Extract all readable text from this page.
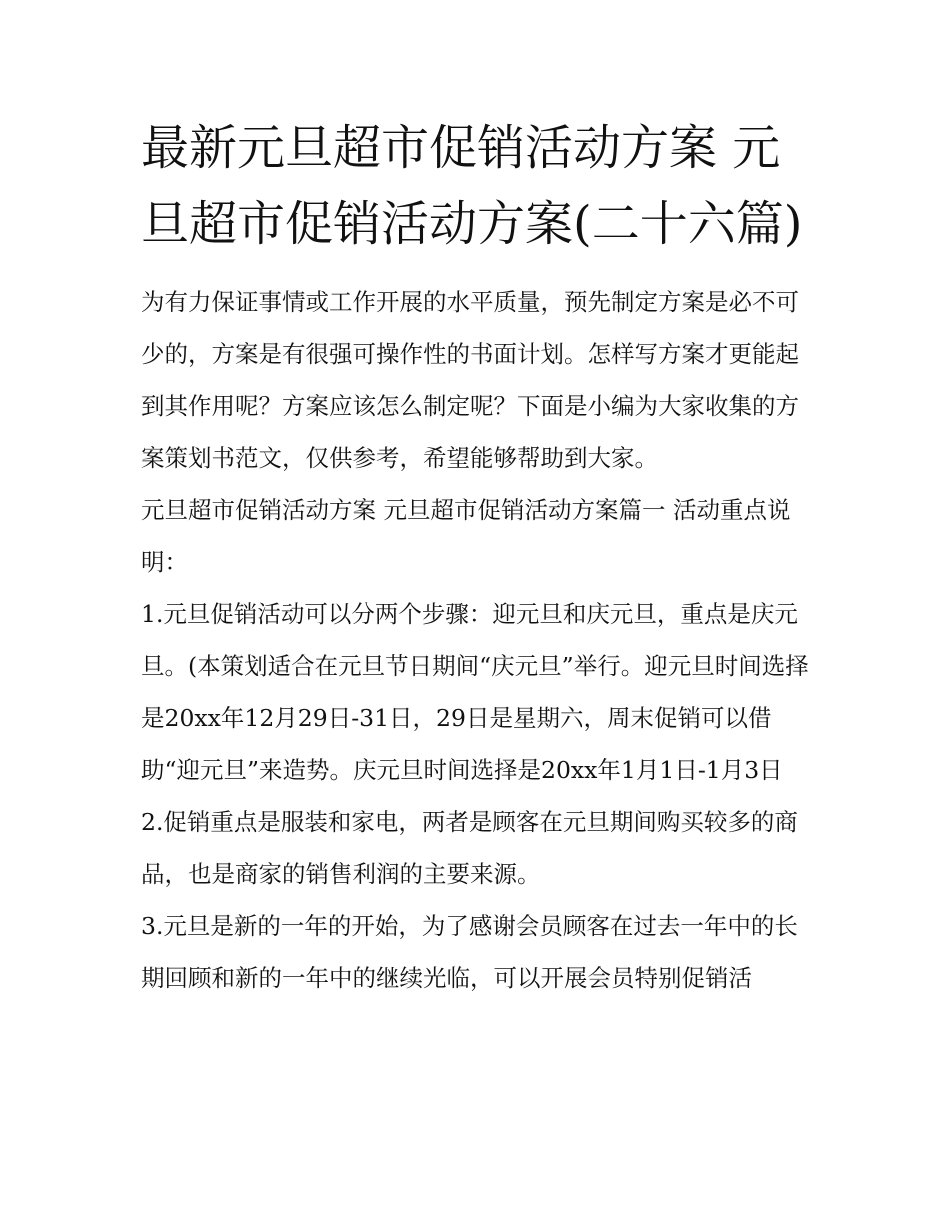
最新元旦超市促销活动方案 元旦超市促销活动方案(二十六篇)

为有力保证事情或工作开展的水平质量，预先制定方案是必不可少的，方案是有很强可操作性的书面计划。怎样写方案才更能起到其作用呢？方案应该怎么制定呢？下面是小编为大家收集的方案策划书范文，仅供参考，希望能够帮助到大家。

元旦超市促销活动方案 元旦超市促销活动方案篇一 活动重点说明：

1.元旦促销活动可以分两个步骤：迎元旦和庆元旦，重点是庆元旦。(本策划适合在元旦节日期间“庆元旦”举行。迎元旦时间选择是20xx年12月29日-31日，29日是星期六，周末促销可以借助“迎元旦”来造势。庆元旦时间选择是20xx年1月1日-1月3日

2.促销重点是服装和家电，两者是顾客在元旦期间购买较多的商品，也是商家的销售利润的主要来源。

3.元旦是新的一年的开始，为了感谢会员顾客在过去一年中的长期回顾和新的一年中的继续光临，可以开展会员特别促销活
